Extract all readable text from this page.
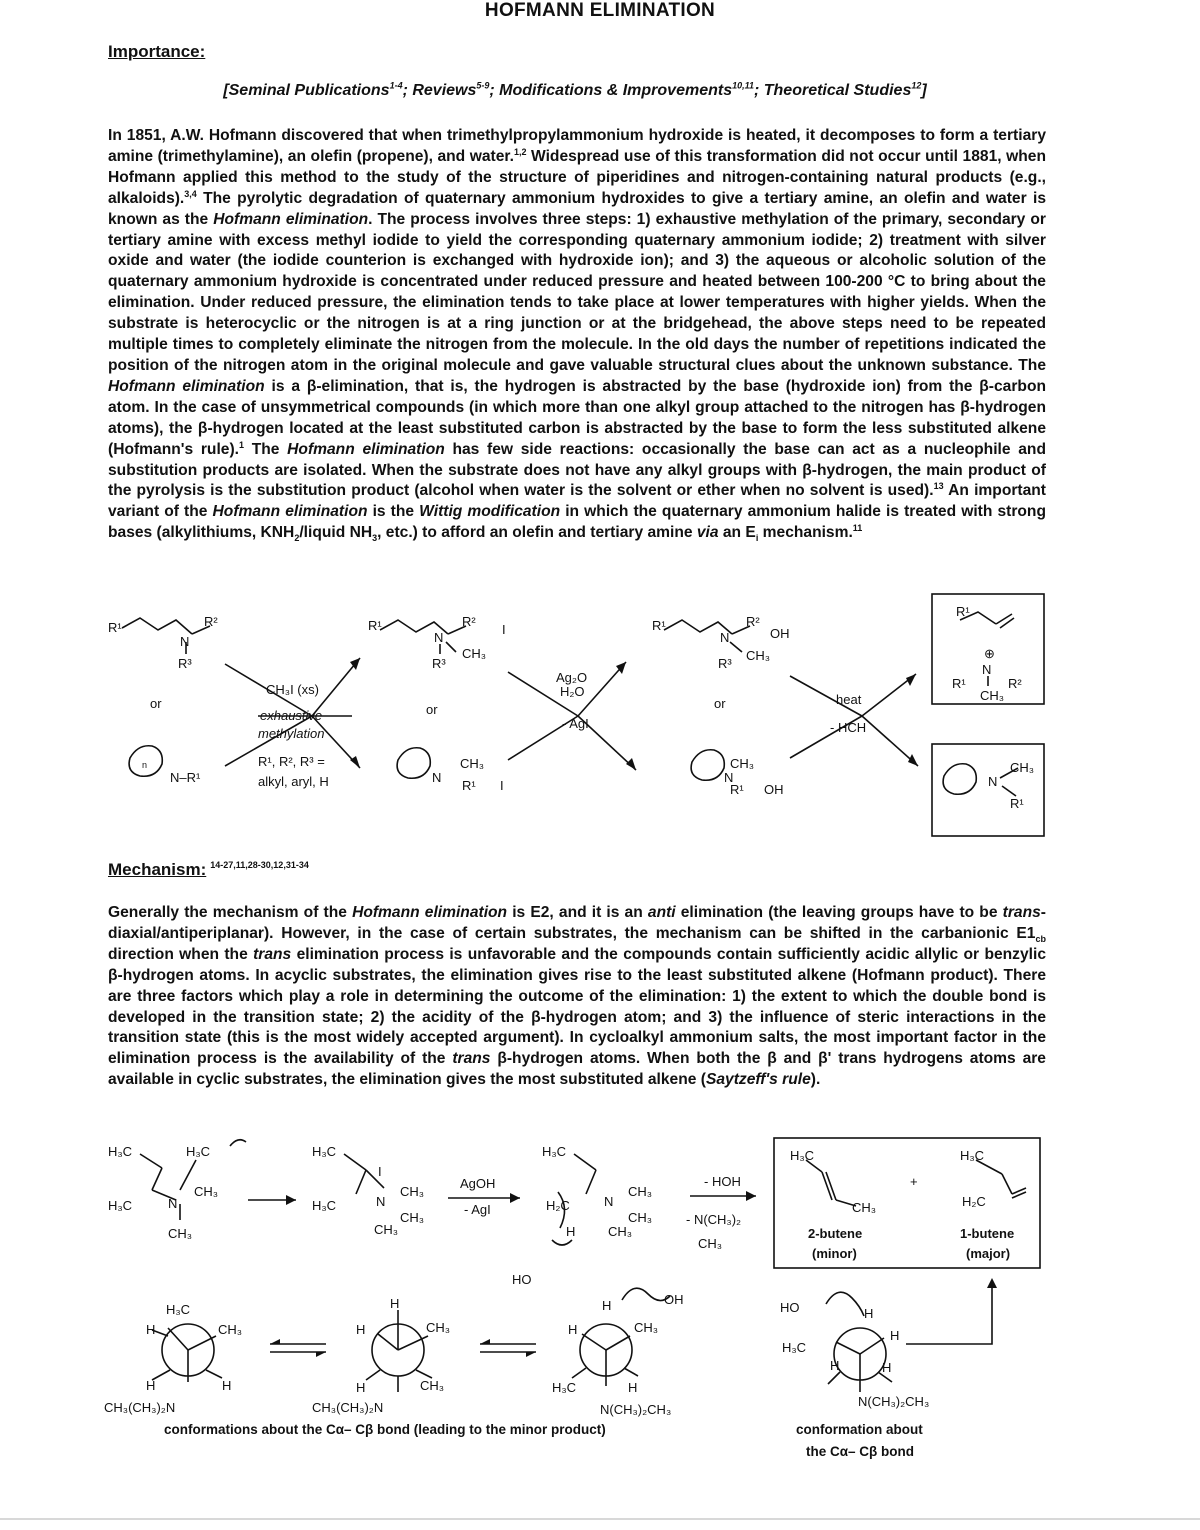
HOFMANN ELIMINATION
Importance:
[Seminal Publications$^{1-4}$; Reviews$^{5-9}$; Modifications & Improvements$^{10,11}$; Theoretical Studies$^{12}$]
In 1851, A.W. Hofmann discovered that when trimethylpropylammonium hydroxide is heated, it decomposes to form a tertiary amine (trimethylamine), an olefin (propene), and water.$^{1,2}$ Widespread use of this transformation did not occur until 1881, when Hofmann applied this method to the study of the structure of piperidines and nitrogen-containing natural products (e.g., alkaloids).$^{3,4}$ The pyrolytic degradation of quaternary ammonium hydroxides to give a tertiary amine, an olefin and water is known as the Hofmann elimination. The process involves three steps: 1) exhaustive methylation of the primary, secondary or tertiary amine with excess methyl iodide to yield the corresponding quaternary ammonium iodide; 2) treatment with silver oxide and water (the iodide counterion is exchanged with hydroxide ion); and 3) the aqueous or alcoholic solution of the quaternary ammonium hydroxide is concentrated under reduced pressure and heated between 100-200 °C to bring about the elimination. Under reduced pressure, the elimination tends to take place at lower temperatures with higher yields. When the substrate is heterocyclic or the nitrogen is at a ring junction or at the bridgehead, the above steps need to be repeated multiple times to completely eliminate the nitrogen from the molecule. In the old days the number of repetitions indicated the position of the nitrogen atom in the original molecule and gave valuable structural clues about the unknown substance. The Hofmann elimination is a β-elimination, that is, the hydrogen is abstracted by the base (hydroxide ion) from the β-carbon atom. In the case of unsymmetrical compounds (in which more than one alkyl group attached to the nitrogen has β-hydrogen atoms), the β-hydrogen located at the least substituted carbon is abstracted by the base to form the less substituted alkene (Hofmann's rule).$^1$ The Hofmann elimination has few side reactions: occasionally the base can act as a nucleophile and substitution products are isolated. When the substrate does not have any alkyl groups with β-hydrogen, the main product of the pyrolysis is the substitution product (alcohol when water is the solvent or ether when no solvent is used).$^{13}$ An important variant of the Hofmann elimination is the Wittig modification in which the quaternary ammonium halide is treated with strong bases (alkylithiums, $KNH_2$/liquid $NH_3$, etc.) to afford an olefin and tertiary amine via an $E_i$ mechanism.$^{11}$
R¹	R²
N
R³
or
N–R¹
n
CH₃I (xs)
exhaustive
methylation
R¹, R², R³ =
alkyl, aryl, H
R¹
N
R²
I
CH₃
R³
or
N
CH₃
R¹ I
Ag₂O
H₂O
- AgI
R¹
N
R²
OH
CH₃
R³
or
N
CH₃
R¹ OH
heat
- HCH
R¹
⊕
N
R¹	R²
CH₃
N
CH₃
R¹
Mechanism: $^{14-27,11,28-30,12,31-34}$
Generally the mechanism of the Hofmann elimination is E2, and it is an anti elimination (the leaving groups have to be trans-diaxial/antiperiplanar). However, in the case of certain substrates, the mechanism can be shifted in the carbanionic $E1_{cb}$ direction when the trans elimination process is unfavorable and the compounds contain sufficiently acidic allylic or benzylic β-hydrogen atoms. In acyclic substrates, the elimination gives rise to the least substituted alkene (Hofmann product). There are three factors which play a role in determining the outcome of the elimination: 1) the extent to which the double bond is developed in the transition state; 2) the acidity of the β-hydrogen atom; and 3) the influence of steric interactions in the transition state (this is the most widely accepted argument). In cycloalkyl ammonium salts, the most important factor in the elimination process is the availability of the trans β-hydrogen atoms. When both the β and β' trans hydrogens atoms are available in cyclic substrates, the elimination gives the most substituted alkene (Saytzeff's rule).
H₃C	H₃C
H₃C	N
CH₃
CH₃
H₃C
H₃C
I
N
CH₃
CH₃
CH₃
AgOH
- AgI
H₃C
H₂C	N
CH₃
CH₃
CH₃
H
HO
- HOH
- N(CH₃)₂
CH₃
H₃C
CH₃
2-butene
(minor)
+
H₃C
H₂C
1-butene
(major)
H₃C
H	CH₃
H	H
CH₃(CH₃)₂N
H
H	CH₃
H	CH₃
CH₃(CH₃)₂N
H	OH
H	CH₃
H₃C	H
N(CH₃)₂CH₃
HO	H
H
H₃C
H	H
N(CH₃)₂CH₃
conformations about the Cα– Cβ bond (leading to the minor product)	conformation about
the Cα– Cβ bond
